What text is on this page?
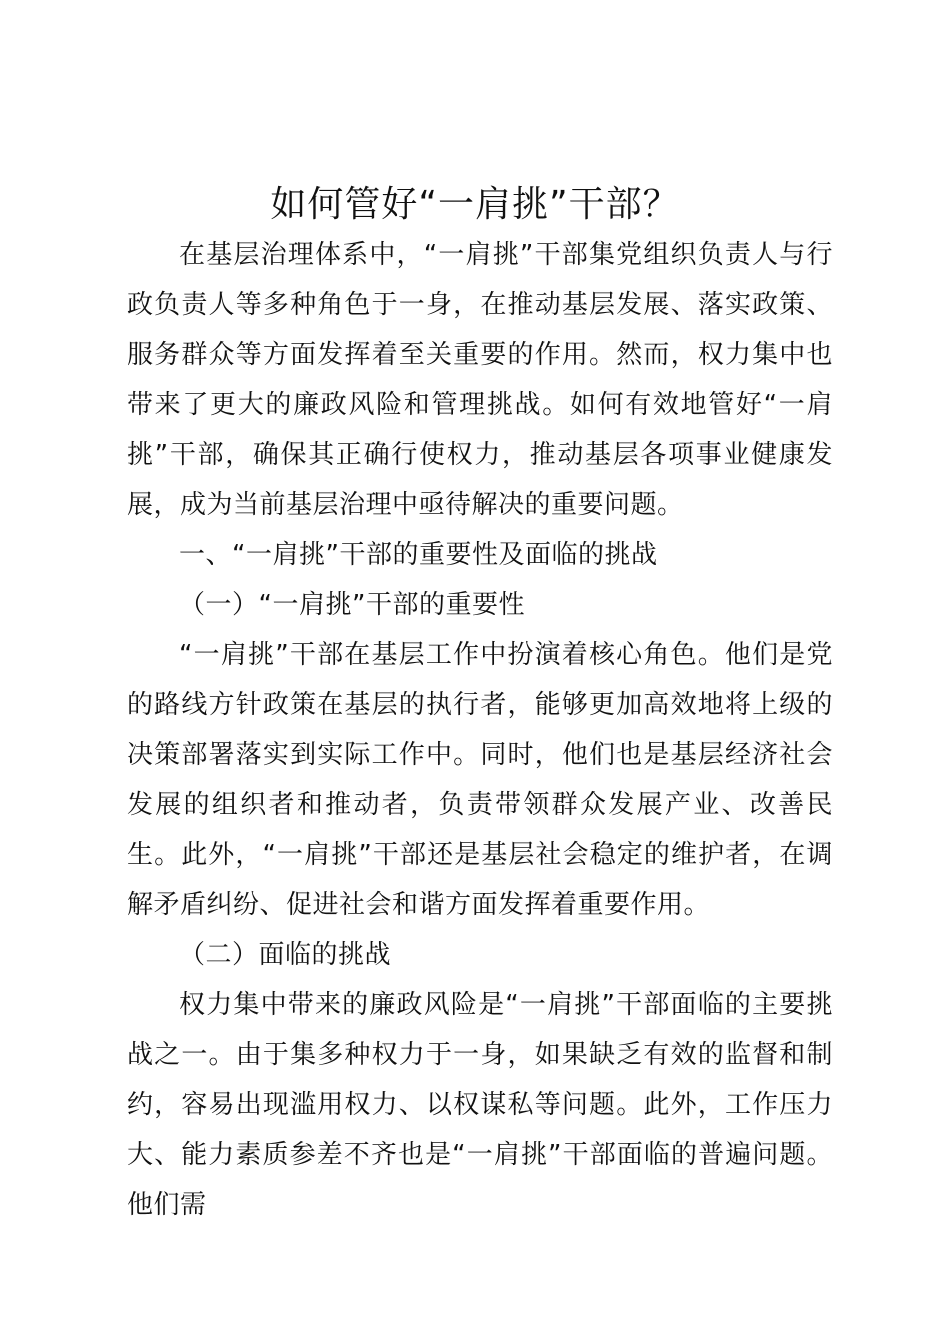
如何管好“一肩挑”干部？

在基层治理体系中，“一肩挑”干部集党组织负责人与行政负责人等多种角色于一身，在推动基层发展、落实政策、服务群众等方面发挥着至关重要的作用。然而，权力集中也带来了更大的廉政风险和管理挑战。如何有效地管好“一肩挑”干部，确保其正确行使权力，推动基层各项事业健康发展，成为当前基层治理中亟待解决的重要问题。

一、“一肩挑”干部的重要性及面临的挑战

（一）“一肩挑”干部的重要性

“一肩挑”干部在基层工作中扮演着核心角色。他们是党的路线方针政策在基层的执行者，能够更加高效地将上级的决策部署落实到实际工作中。同时，他们也是基层经济社会发展的组织者和推动者，负责带领群众发展产业、改善民生。此外，“一肩挑”干部还是基层社会稳定的维护者，在调解矛盾纠纷、促进社会和谐方面发挥着重要作用。

（二）面临的挑战

权力集中带来的廉政风险是“一肩挑”干部面临的主要挑战之一。由于集多种权力于一身，如果缺乏有效的监督和制约，容易出现滥用权力、以权谋私等问题。此外，工作压力大、能力素质参差不齐也是“一肩挑”干部面临的普遍问题。他们需
